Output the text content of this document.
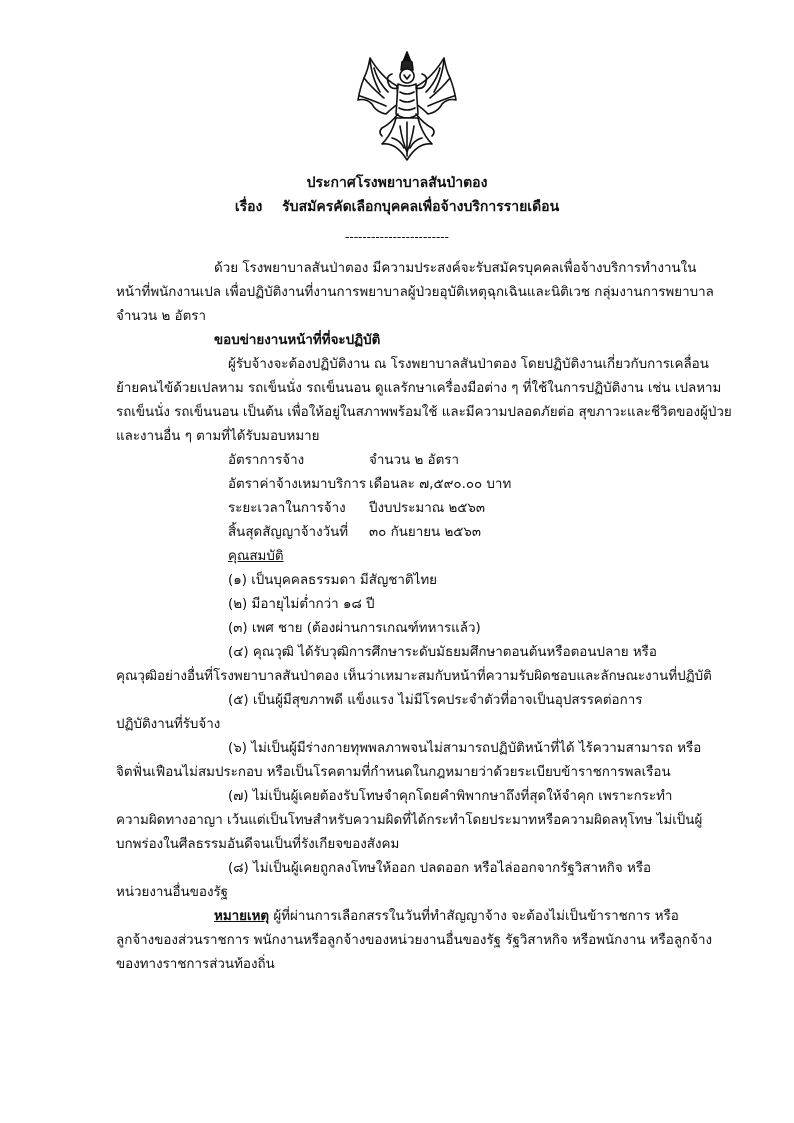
ประกาศโรงพยาบาลสันป่าตอง
เรื่อง รับสมัครคัดเลือกบุคคลเพื่อจ้างบริการรายเดือน
------------------------
ด้วย โรงพยาบาลสันป่าตอง มีความประสงค์จะรับสมัครบุคคลเพื่อจ้างบริการทำงานใน
หน้าที่พนักงานเปล เพื่อปฏิบัติงานที่งานการพยาบาลผู้ป่วยอุบัติเหตุฉุกเฉินและนิติเวช กลุ่มงานการพยาบาล
จำนวน ๒ อัตรา
ขอบข่ายงานหน้าที่ที่จะปฏิบัติ
ผู้รับจ้างจะต้องปฏิบัติงาน ณ โรงพยาบาลสันป่าตอง โดยปฏิบัติงานเกี่ยวกับการเคลื่อน
ย้ายคนไข้ด้วยเปลหาม รถเข็นนั่ง รถเข็นนอน ดูแลรักษาเครื่องมือต่าง ๆ ที่ใช้ในการปฏิบัติงาน เช่น เปลหาม
รถเข็นนั่ง รถเข็นนอน เป็นต้น เพื่อให้อยู่ในสภาพพร้อมใช้ และมีความปลอดภัยต่อ สุขภาวะและชีวิตของผู้ป่วย
และงานอื่น ๆ ตามที่ได้รับมอบหมาย
อัตราการจ้าง	จำนวน ๒ อัตรา
อัตราค่าจ้างเหมาบริการ เดือนละ ๗,๕๙๐.๐๐ บาท
ระยะเวลาในการจ้าง ปีงบประมาณ ๒๕๖๓
สิ้นสุดสัญญาจ้างวันที่ ๓๐ กันยายน ๒๕๖๓
คุณสมบัติ
(๑) เป็นบุคคลธรรมดา มีสัญชาติไทย
(๒) มีอายุไม่ต่ำกว่า ๑๘ ปี
(๓) เพศ ชาย (ต้องผ่านการเกณฑ์ทหารแล้ว)
(๔) คุณวุฒิ ได้รับวุฒิการศึกษาระดับมัธยมศึกษาตอนต้นหรือตอนปลาย หรือ
คุณวุฒิอย่างอื่นที่โรงพยาบาลสันป่าตอง เห็นว่าเหมาะสมกับหน้าที่ความรับผิดชอบและลักษณะงานที่ปฏิบัติ
(๕) เป็นผู้มีสุขภาพดี แข็งแรง ไม่มีโรคประจำตัวที่อาจเป็นอุปสรรคต่อการ
ปฏิบัติงานที่รับจ้าง
(๖) ไม่เป็นผู้มีร่างกายทุพพลภาพจนไม่สามารถปฏิบัติหน้าที่ได้ ไร้ความสามารถ หรือ
จิตฟั่นเฟือนไม่สมประกอบ หรือเป็นโรคตามที่กำหนดในกฎหมายว่าด้วยระเบียบข้าราชการพลเรือน
(๗) ไม่เป็นผู้เคยต้องรับโทษจำคุกโดยคำพิพากษาถึงที่สุดให้จำคุก เพราะกระทำ
ความผิดทางอาญา เว้นแต่เป็นโทษสำหรับความผิดที่ได้กระทำโดยประมาทหรือความผิดลหุโทษ ไม่เป็นผู้
บกพร่องในศีลธรรมอันดีจนเป็นที่รังเกียจของสังคม
(๘) ไม่เป็นผู้เคยถูกลงโทษให้ออก ปลดออก หรือไล่ออกจากรัฐวิสาหกิจ หรือ
หน่วยงานอื่นของรัฐ
หมายเหตุ ผู้ที่ผ่านการเลือกสรรในวันที่ทำสัญญาจ้าง จะต้องไม่เป็นข้าราชการ หรือ
ลูกจ้างของส่วนราชการ พนักงานหรือลูกจ้างของหน่วยงานอื่นของรัฐ รัฐวิสาหกิจ หรือพนักงาน หรือลูกจ้าง
ของทางราชการส่วนท้องถิ่น
